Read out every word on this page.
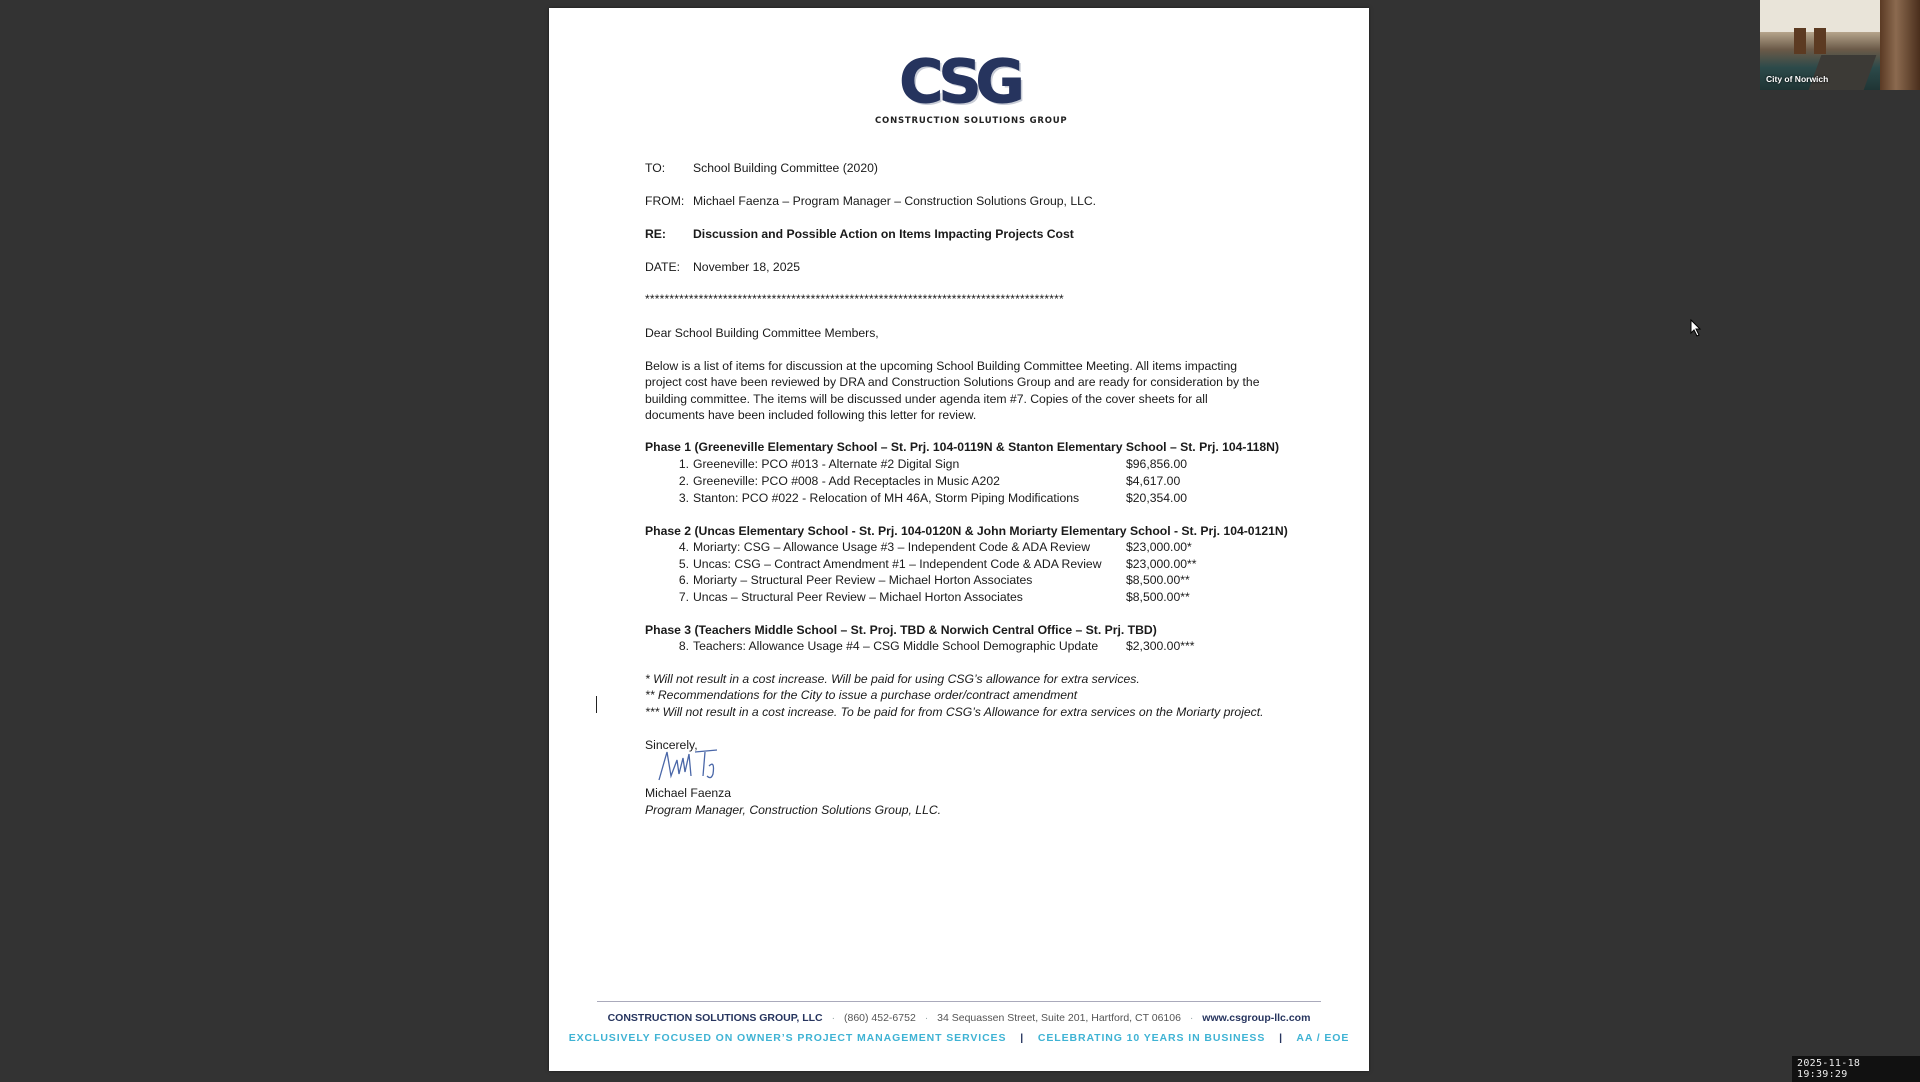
CSG
CONSTRUCTION SOLUTIONS GROUP
TO: School Building Committee (2020)
FROM: Michael Faenza – Program Manager – Construction Solutions Group, LLC.
RE: Discussion and Possible Action on Items Impacting Projects Cost
DATE: November 18, 2025
**************************************************************************************
Dear School Building Committee Members,
Below is a list of items for discussion at the upcoming School Building Committee Meeting. All items impacting project cost have been reviewed by DRA and Construction Solutions Group and are ready for consideration by the building committee. The items will be discussed under agenda item #7. Copies of the cover sheets for all documents have been included following this letter for review.
Phase 1 (Greeneville Elementary School – St. Prj. 104-0119N & Stanton Elementary School – St. Prj. 104-118N)
1. Greeneville: PCO #013 - Alternate #2 Digital Sign	$96,856.00
2. Greeneville: PCO #008 - Add Receptacles in Music A202	$4,617.00
3. Stanton: PCO #022 - Relocation of MH 46A, Storm Piping Modifications	$20,354.00
Phase 2 (Uncas Elementary School - St. Prj. 104-0120N & John Moriarty Elementary School - St. Prj. 104-0121N)
4. Moriarty: CSG – Allowance Usage #3 – Independent Code & ADA Review	$23,000.00*
5. Uncas: CSG – Contract Amendment #1 – Independent Code & ADA Review $23,000.00**
6. Moriarty – Structural Peer Review – Michael Horton Associates	$8,500.00**
7. Uncas – Structural Peer Review – Michael Horton Associates	$8,500.00**
Phase 3 (Teachers Middle School – St. Proj. TBD & Norwich Central Office – St. Prj. TBD)
8. Teachers: Allowance Usage #4 – CSG Middle School Demographic Update $2,300.00***
* Will not result in a cost increase. Will be paid for using CSG’s allowance for extra services.
** Recommendations for the City to issue a purchase order/contract amendment
*** Will not result in a cost increase. To be paid for from CSG’s Allowance for extra services on the Moriarty project.
Sincerely,
Michael Faenza
Program Manager, Construction Solutions Group, LLC.
CONSTRUCTION SOLUTIONS GROUP, LLC · (860) 452-6752 · 34 Sequassen Street, Suite 201, Hartford, CT 06106 · www.csgroup-llc.com
EXCLUSIVELY FOCUSED ON OWNER’S PROJECT MANAGEMENT SERVICES | CELEBRATING 10 YEARS IN BUSINESS | AA / EOE
City of Norwich
2025-11-18 19:39:29
